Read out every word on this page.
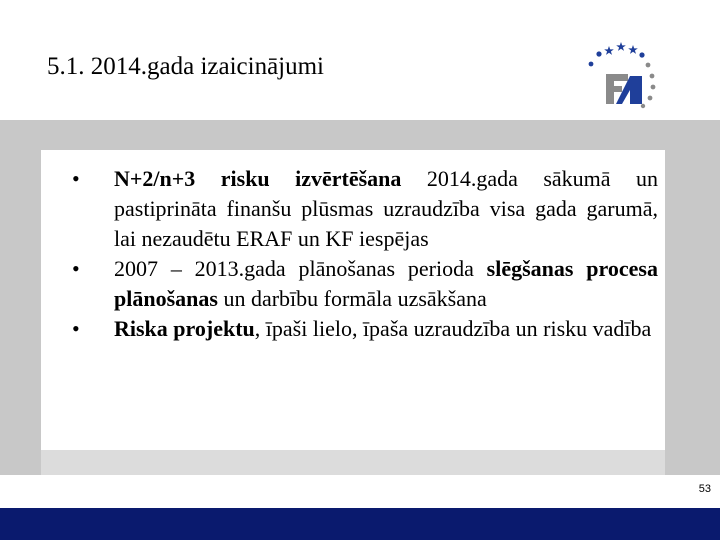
5.1. 2014.gada izaicinājumi
• N+2/n+3 risku izvērtēšana 2014.gada sākumā un pastiprināta finanšu plūsmas uzraudzība visa gada garumā, lai nezaudētu ERAF un KF iespējas
• 2007 – 2013.gada plānošanas perioda slēgšanas procesa plānošanas un darbību formāla uzsākšana
• Riska projektu, īpaši lielo, īpaša uzraudzība un risku vadība
53
